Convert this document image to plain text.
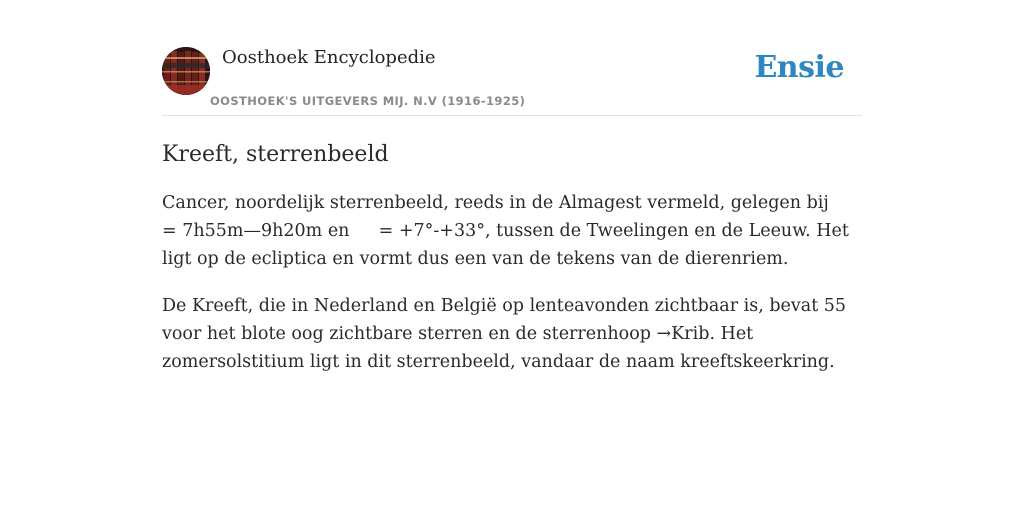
Oosthoek Encyclopedie
OOSTHOEK'S UITGEVERS MIJ. N.V (1916-1925)
Ensie
Kreeft, sterrenbeeld

Cancer, noordelijk sterrenbeeld, reeds in de Almagest vermeld, gelegen bij  = 7h55m—9h20m en = +7°-+33°, tussen de Tweelingen en de Leeuw. Het ligt op de ecliptica en vormt dus een van de tekens van de dierenriem.

De Kreeft, die in Nederland en België op lenteavonden zichtbaar is, bevat 55 voor het blote oog zichtbare sterren en de sterrenhoop →Krib. Het zomersolstitium ligt in dit sterrenbeeld, vandaar de naam kreeftskeerkring.
